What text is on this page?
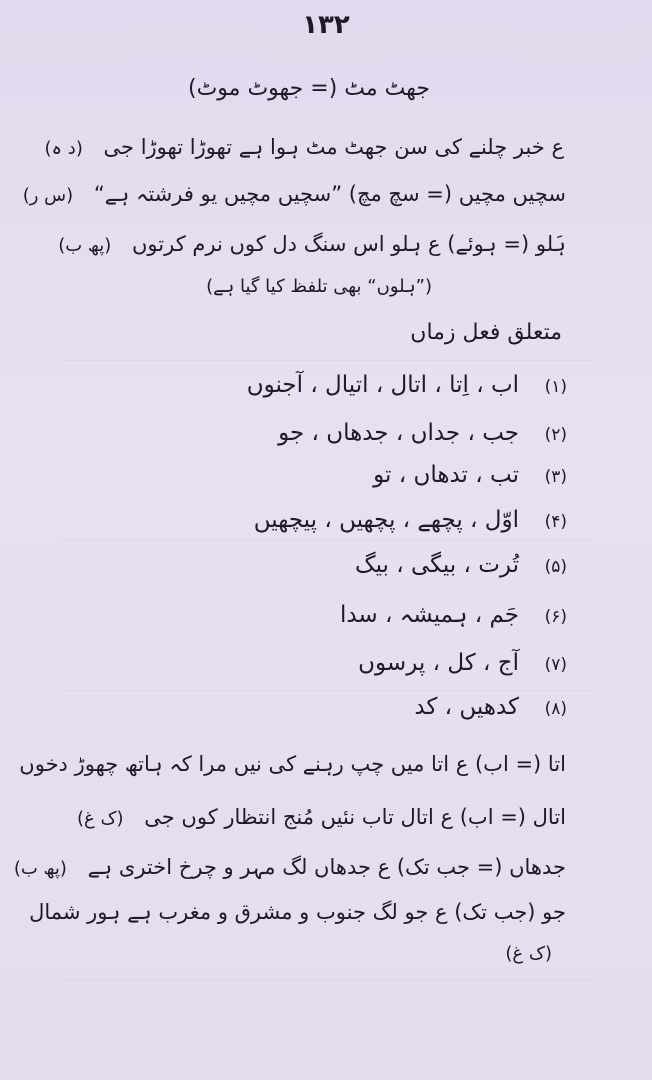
۱۳۲
جھٹ مٹ (= جھوٹ موٹ)
ع خبر چلنے کی سن جھٹ مٹ ہوا ہے تھوڑا تھوڑا جی (د ہ)
سچیں مچیں (= سچ مچ) ”سچیں مچیں یو فرشتہ ہے“ (س ر)
ہَلو (= ہوئے) ع ہلو اس سنگ دل کوں نرم کرتوں (پھ ب)
(”ہلوں“ بھی تلفظ کیا گیا ہے)
متعلق فعل زماں
(۱)اب ، اِتا ، اتال ، اتیال ، آجنوں
(۲)جب ، جداں ، جدھاں ، جو
(۳)تب ، تدھاں ، تو
(۴)اوّل ، پچھے ، پچھیں ، پیچھیں
(۵)تُرت ، بیگی ، بیگ
(۶)جَم ، ہمیشہ ، سدا
(۷)آج ، کل ، پرسوں
(۸)کدھیں ، کد
اتا (= اب) ع اتا میں چپ رہنے کی نیں مرا کہ ہاتھ چھوڑ دخوں
اتال (= اب) ع اتال تاب نئیں مُنج انتظار کوں جی (ک غ)
جدھاں (= جب تک) ع جدھاں لگ مہر و چرخ اختری ہے (پھ ب)
جو (جب تک) ع جو لگ جنوب و مشرق و مغرب ہے ہور شمال
(ک غ)
